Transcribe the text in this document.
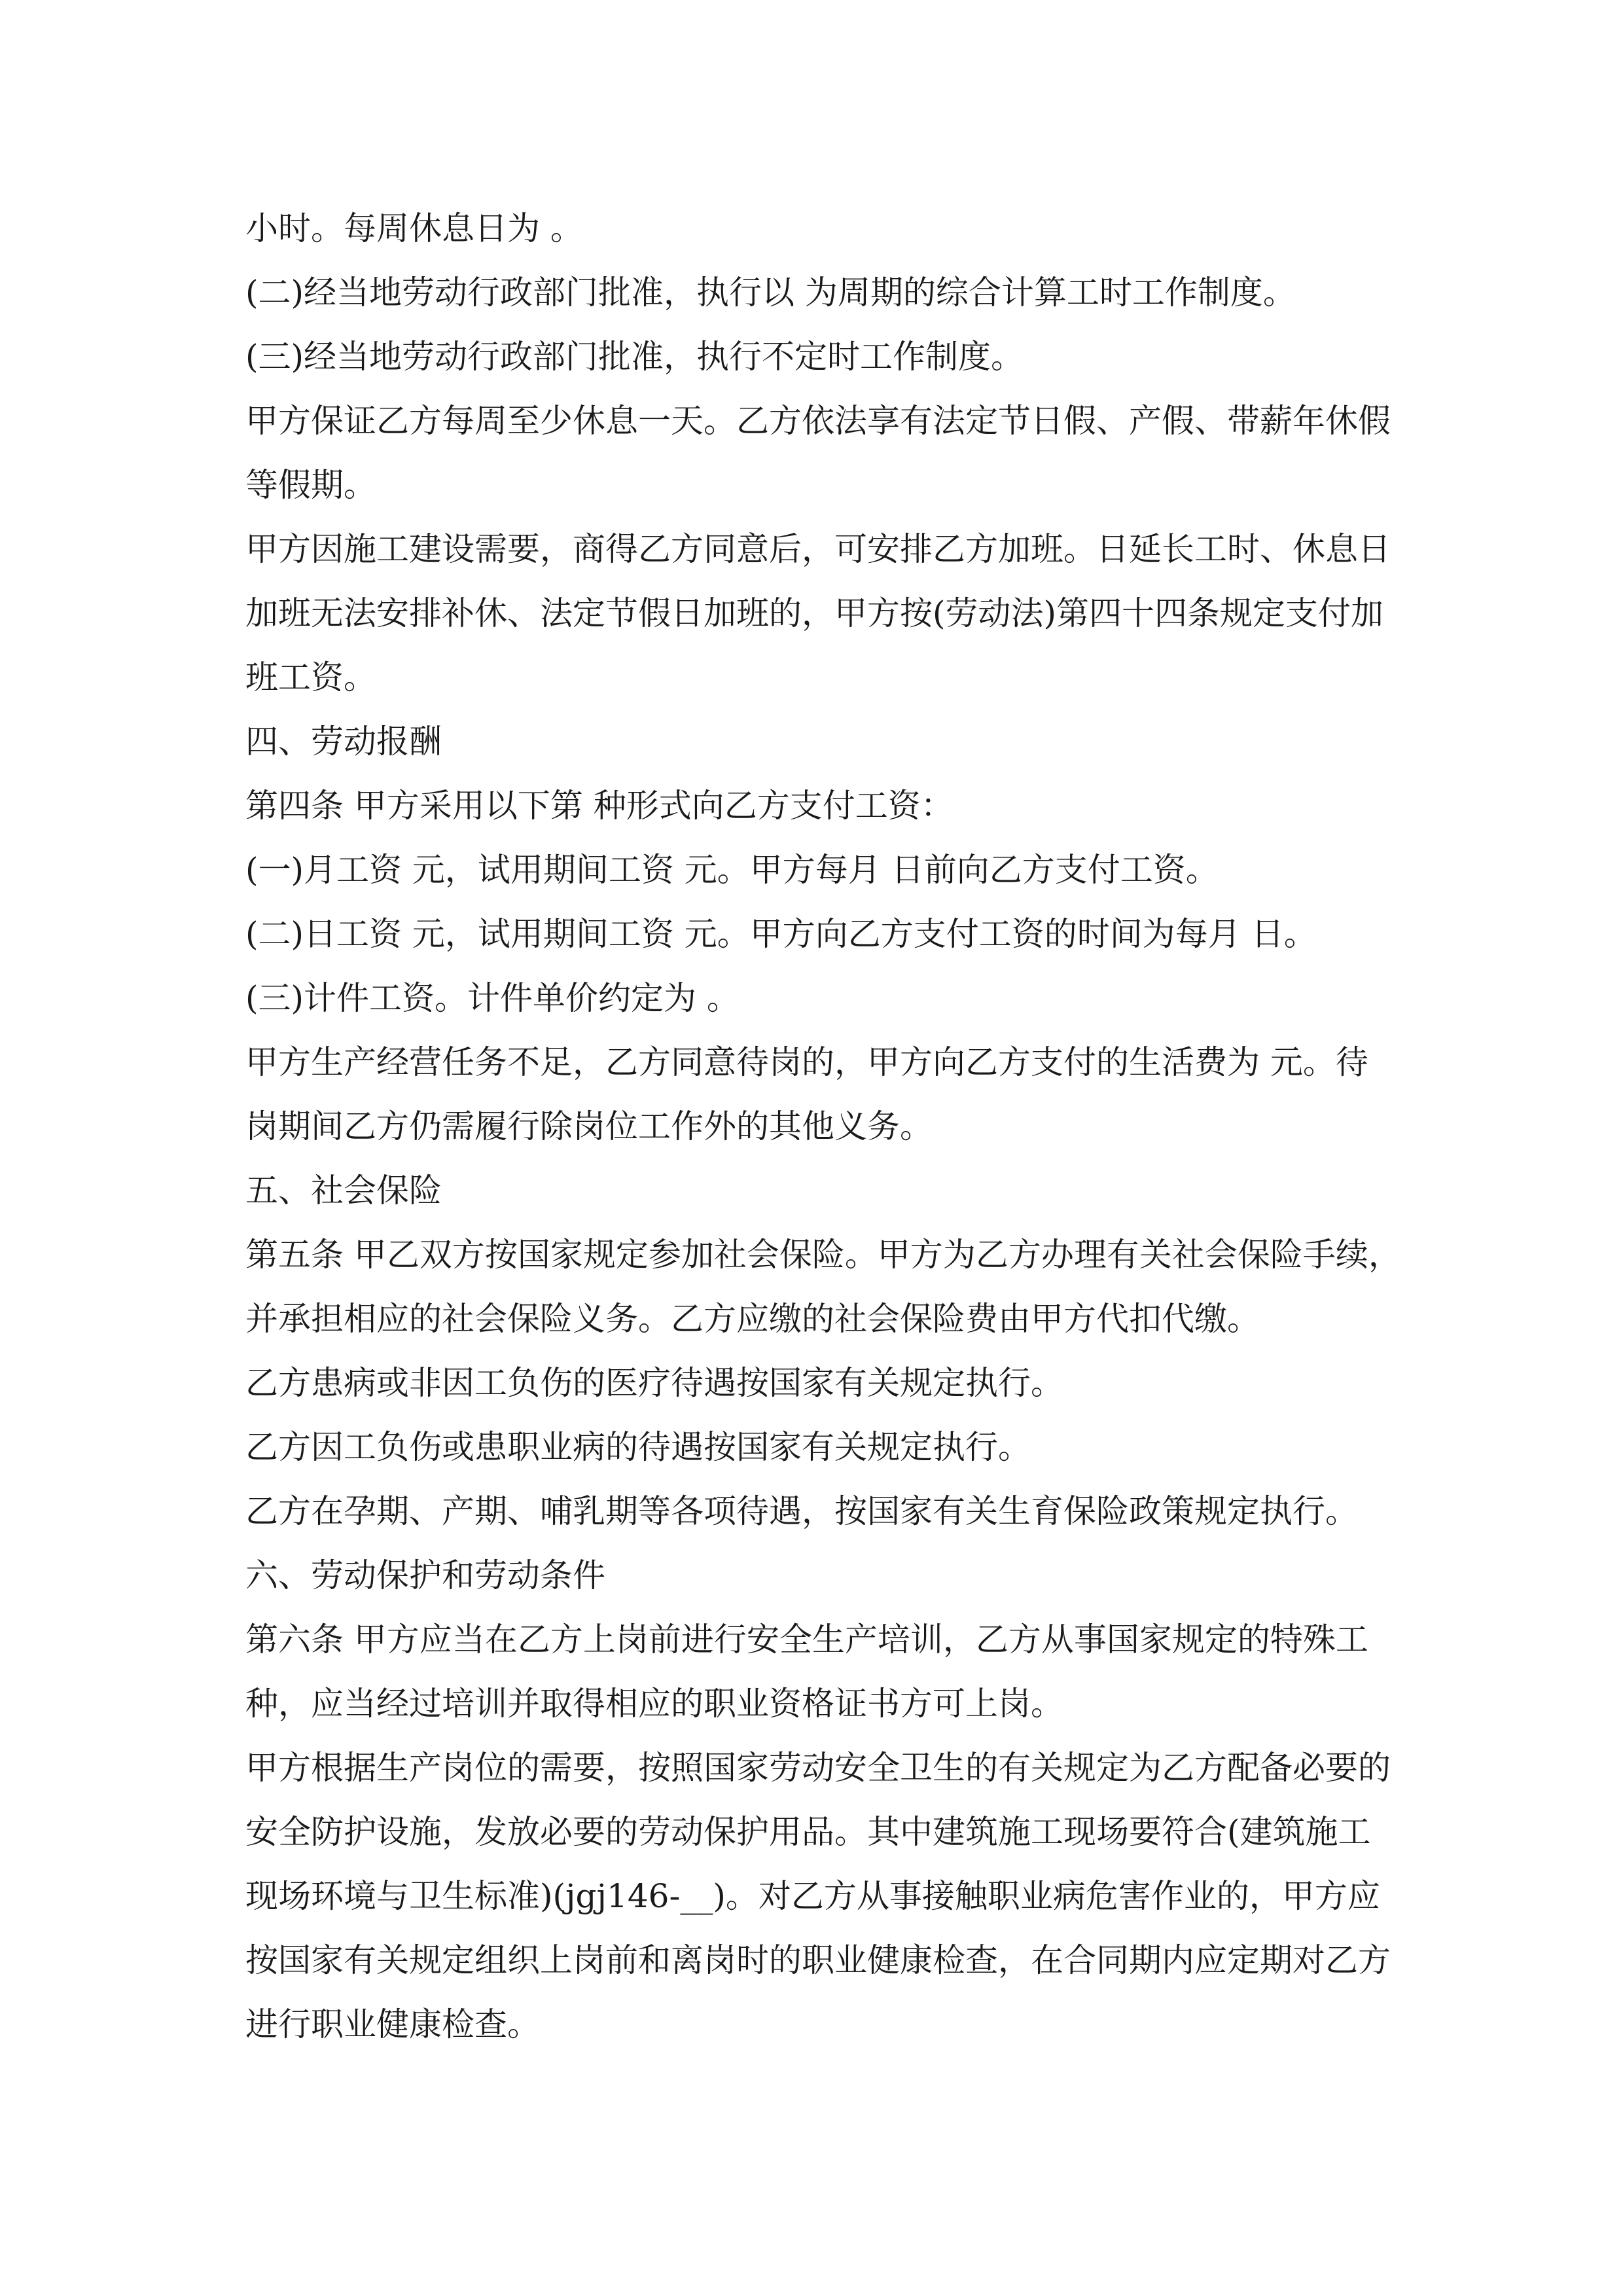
小时。每周休息日为 。
(二)经当地劳动行政部门批准，执行以 为周期的综合计算工时工作制度。
(三)经当地劳动行政部门批准，执行不定时工作制度。
甲方保证乙方每周至少休息一天。乙方依法享有法定节日假、产假、带薪年休假
等假期。
甲方因施工建设需要，商得乙方同意后，可安排乙方加班。日延长工时、休息日
加班无法安排补休、法定节假日加班的，甲方按(劳动法)第四十四条规定支付加
班工资。
四、劳动报酬
第四条 甲方采用以下第 种形式向乙方支付工资：
(一)月工资 元，试用期间工资 元。甲方每月 日前向乙方支付工资。
(二)日工资 元，试用期间工资 元。甲方向乙方支付工资的时间为每月 日。
(三)计件工资。计件单价约定为 。
甲方生产经营任务不足，乙方同意待岗的，甲方向乙方支付的生活费为 元。待
岗期间乙方仍需履行除岗位工作外的其他义务。
五、社会保险
第五条 甲乙双方按国家规定参加社会保险。甲方为乙方办理有关社会保险手续，
并承担相应的社会保险义务。乙方应缴的社会保险费由甲方代扣代缴。
乙方患病或非因工负伤的医疗待遇按国家有关规定执行。
乙方因工负伤或患职业病的待遇按国家有关规定执行。
乙方在孕期、产期、哺乳期等各项待遇，按国家有关生育保险政策规定执行。
六、劳动保护和劳动条件
第六条 甲方应当在乙方上岗前进行安全生产培训，乙方从事国家规定的特殊工
种，应当经过培训并取得相应的职业资格证书方可上岗。
甲方根据生产岗位的需要，按照国家劳动安全卫生的有关规定为乙方配备必要的
安全防护设施，发放必要的劳动保护用品。其中建筑施工现场要符合(建筑施工
现场环境与卫生标准)(jgj146-__)。对乙方从事接触职业病危害作业的，甲方应
按国家有关规定组织上岗前和离岗时的职业健康检查，在合同期内应定期对乙方
进行职业健康检查。
